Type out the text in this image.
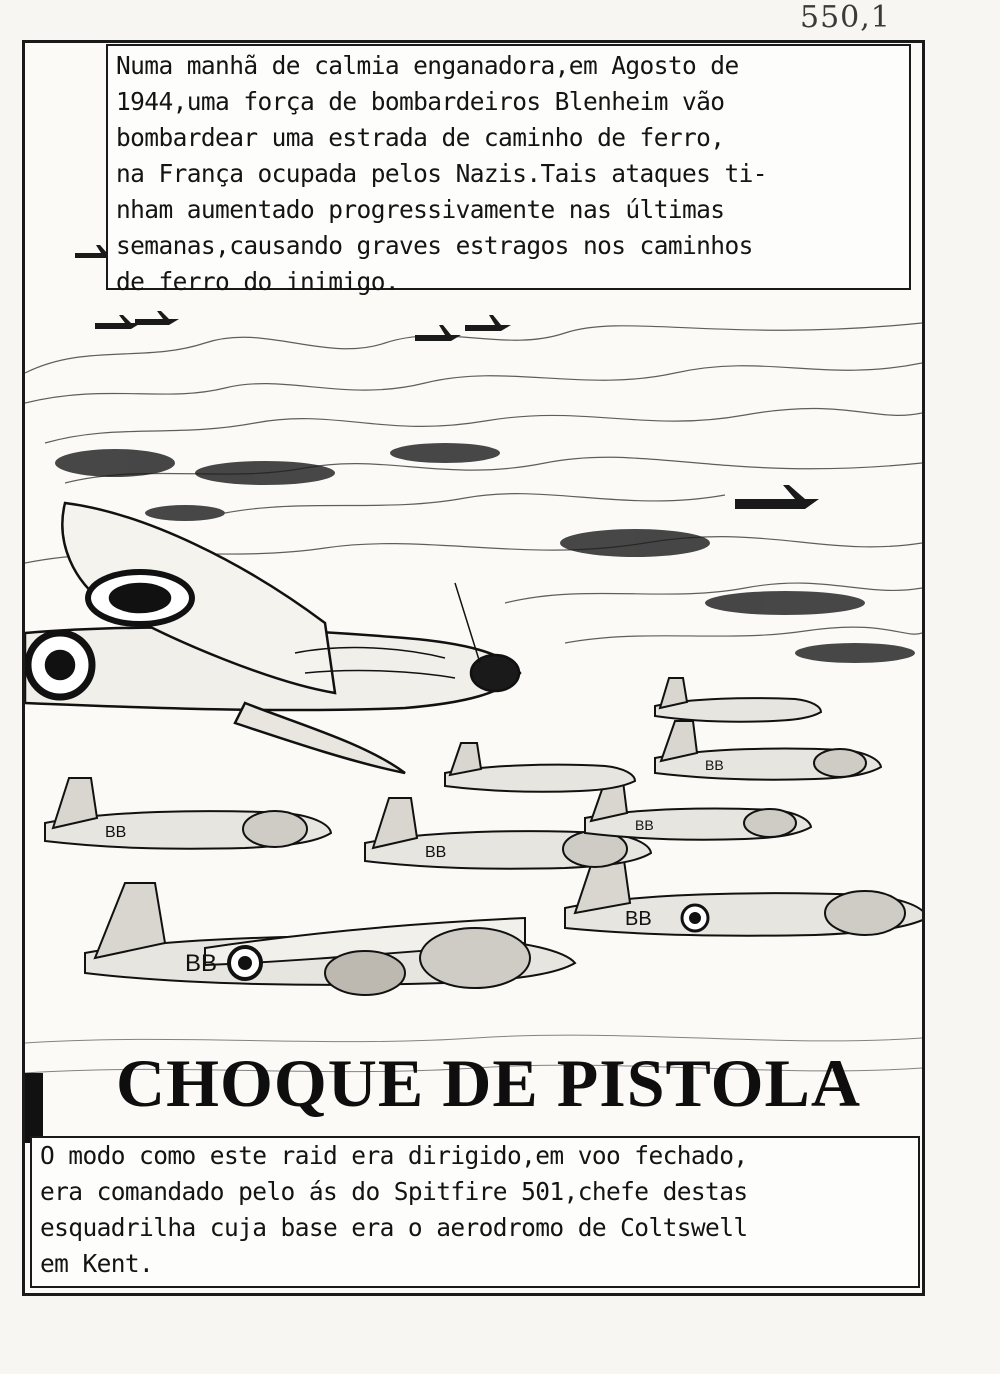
550,1
BB
BB
BB
BB	BB
BB
Numa manhã de calmia enganadora,em Agosto de
1944,uma força de bombardeiros Blenheim vão
bombardear uma estrada de caminho de ferro,
na França ocupada pelos Nazis.Tais ataques ti-
nham aumentado progressivamente nas últimas
semanas,causando graves estragos nos caminhos
de ferro do inimigo.
CHOQUE DE PISTOLA
O modo como este raid era dirigido,em voo fechado,
era comandado pelo ás do Spitfire 501,chefe destas
esquadrilha cuja base era o aerodromo de Coltswell
em Kent.
